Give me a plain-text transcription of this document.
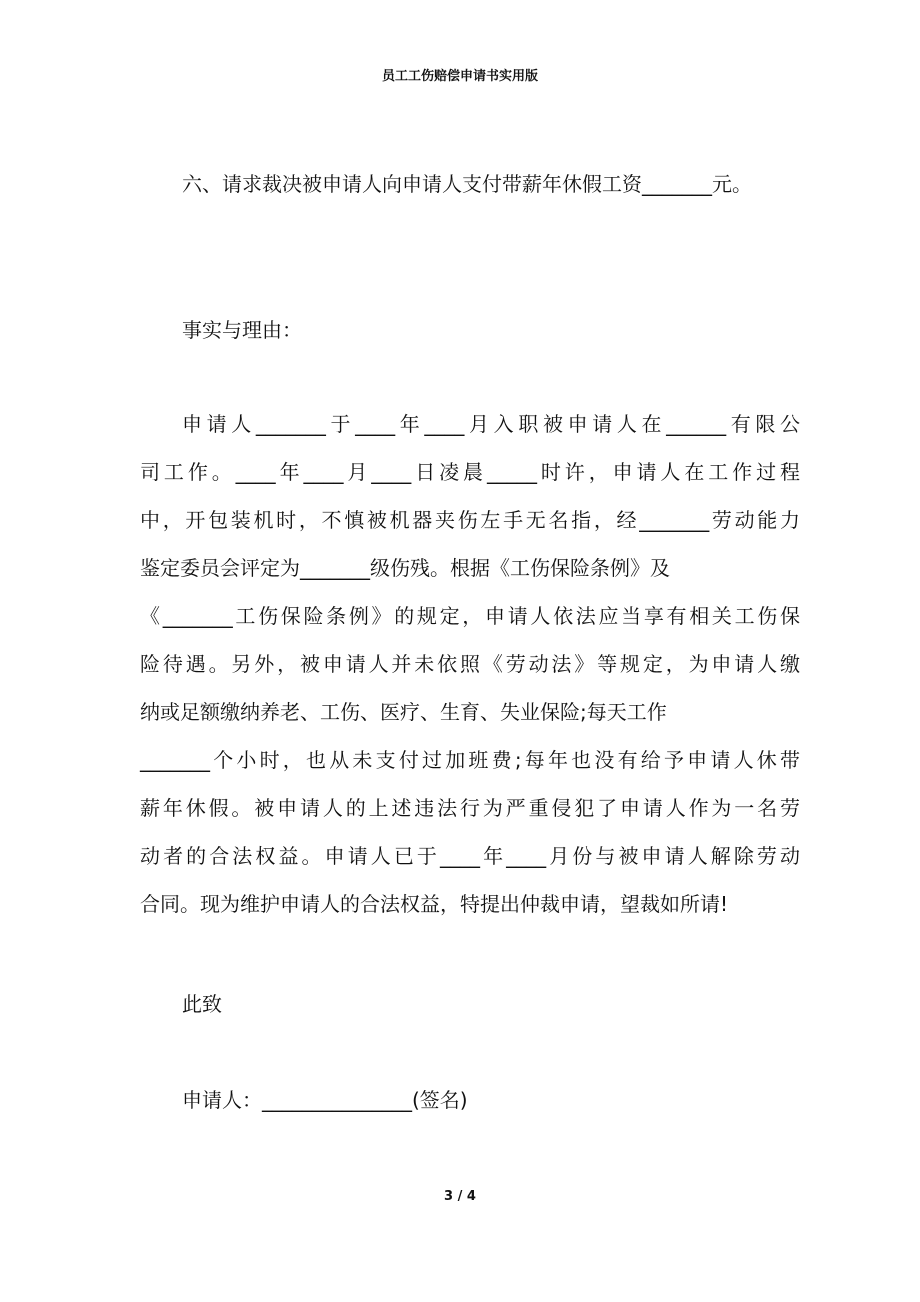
员工工伤赔偿申请书实用版
六、请求裁决被申请人向申请人支付带薪年休假工资_______元。
事实与理由：
申请人_______于____年____月入职被申请人在______有限公
司工作。____年____月____日凌晨_____时许，申请人在工作过程
中，开包装机时，不慎被机器夹伤左手无名指，经_______劳动能力
鉴定委员会评定为_______级伤残。根据《工伤保险条例》及
《_______工伤保险条例》的规定，申请人依法应当享有相关工伤保
险待遇。另外，被申请人并未依照《劳动法》等规定，为申请人缴
纳或足额缴纳养老、工伤、医疗、生育、失业保险;每天工作
_______个小时，也从未支付过加班费;每年也没有给予申请人休带
薪年休假。被申请人的上述违法行为严重侵犯了申请人作为一名劳
动者的合法权益。申请人已于____年____月份与被申请人解除劳动
合同。现为维护申请人的合法权益，特提出仲裁申请，望裁如所请!
此致
申请人：_______________(签名)
3 / 4
